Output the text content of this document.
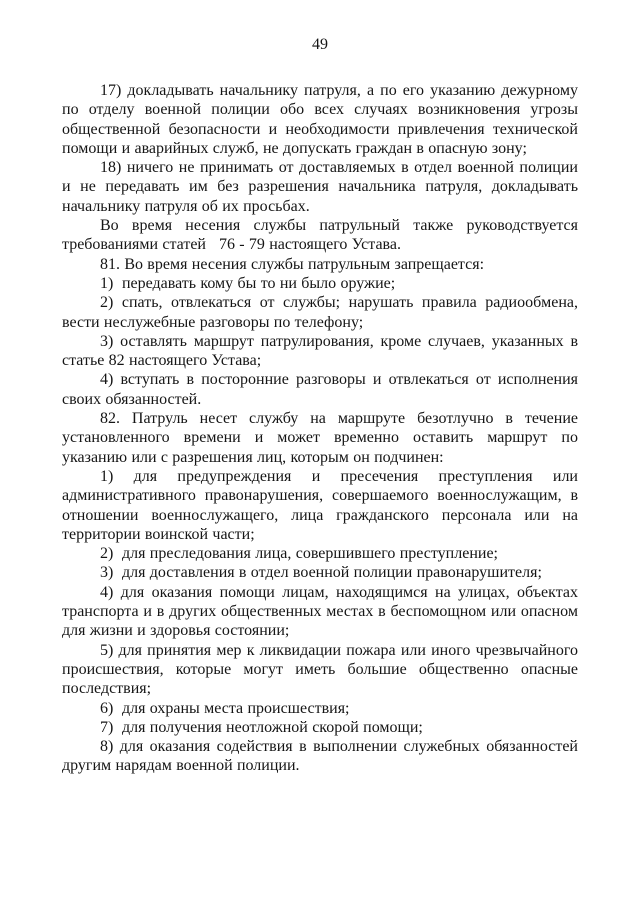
49

17) докладывать начальнику патруля, а по его указанию дежурному по отделу военной полиции обо всех случаях возникновения угрозы общественной безопасности и необходимости привлечения технической помощи и аварийных служб, не допускать граждан в опасную зону;

18) ничего не принимать от доставляемых в отдел военной полиции и не передавать им без разрешения начальника патруля, докладывать начальнику патруля об их просьбах.

Во время несения службы патрульный также руководствуется требованиями статей   76 - 79 настоящего Устава.

81. Во время несения службы патрульным запрещается:

1)  передавать кому бы то ни было оружие;

2) спать, отвлекаться от службы; нарушать правила радиообмена, вести неслужебные разговоры по телефону;

3) оставлять маршрут патрулирования, кроме случаев, указанных в статье 82 настоящего Устава;

4) вступать в посторонние разговоры и отвлекаться от исполнения своих обязанностей.

82. Патруль несет службу на маршруте безотлучно в течение установленного времени и может временно оставить маршрут по указанию или с разрешения лиц, которым он подчинен:

1) для предупреждения и пресечения преступления или административного правонарушения, совершаемого военнослужащим, в отношении военнослужащего, лица гражданского персонала или на территории воинской части;

2)  для преследования лица, совершившего преступление;

3)  для доставления в отдел военной полиции правонарушителя;

4) для оказания помощи лицам, находящимся на улицах, объектах транспорта и в других общественных местах в беспомощном или опасном для жизни и здоровья состоянии;

5) для принятия мер к ликвидации пожара или иного чрезвычайного происшествия, которые могут иметь большие общественно опасные последствия;

6)  для охраны места происшествия;

7)  для получения неотложной скорой помощи;

8) для оказания содействия в выполнении служебных обязанностей другим нарядам военной полиции.
